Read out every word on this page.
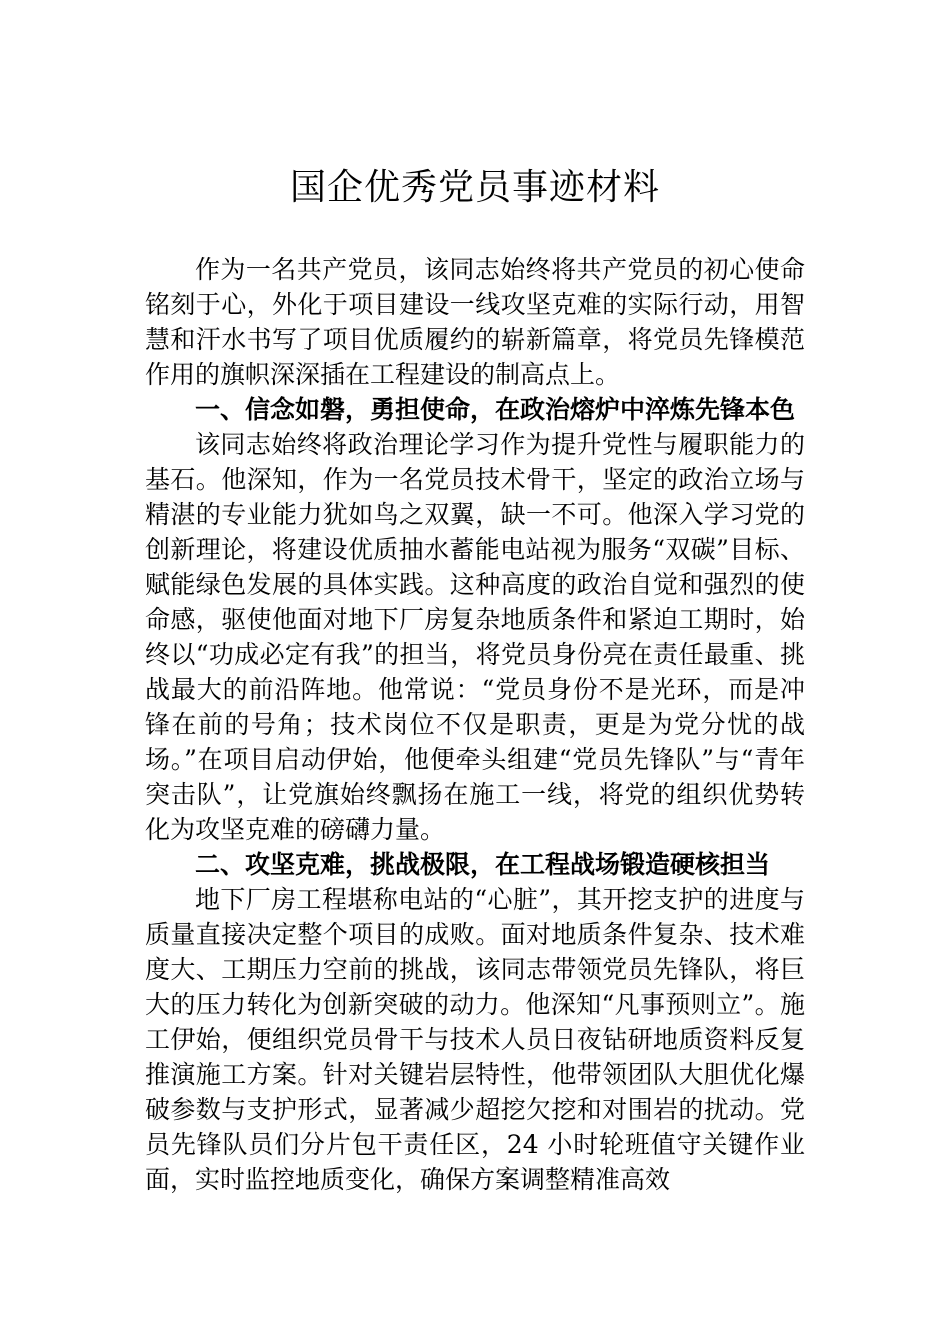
国企优秀党员事迹材料

作为一名共产党员，该同志始终将共产党员的初心使命铭刻于心，外化于项目建设一线攻坚克难的实际行动，用智慧和汗水书写了项目优质履约的崭新篇章，将党员先锋模范作用的旗帜深深插在工程建设的制高点上。

一、信念如磐，勇担使命，在政治熔炉中淬炼先锋本色

该同志始终将政治理论学习作为提升党性与履职能力的基石。他深知，作为一名党员技术骨干，坚定的政治立场与精湛的专业能力犹如鸟之双翼，缺一不可。他深入学习党的创新理论，将建设优质抽水蓄能电站视为服务“双碳”目标、赋能绿色发展的具体实践。这种高度的政治自觉和强烈的使命感，驱使他面对地下厂房复杂地质条件和紧迫工期时，始终以“功成必定有我”的担当，将党员身份亮在责任最重、挑战最大的前沿阵地。他常说：“党员身份不是光环，而是冲锋在前的号角；技术岗位不仅是职责，更是为党分忧的战场。”在项目启动伊始，他便牵头组建“党员先锋队”与“青年突击队”，让党旗始终飘扬在施工一线，将党的组织优势转化为攻坚克难的磅礴力量。

二、攻坚克难，挑战极限，在工程战场锻造硬核担当

地下厂房工程堪称电站的“心脏”，其开挖支护的进度与质量直接决定整个项目的成败。面对地质条件复杂、技术难度大、工期压力空前的挑战，该同志带领党员先锋队，将巨大的压力转化为创新突破的动力。他深知“凡事预则立”。施工伊始，便组织党员骨干与技术人员日夜钻研地质资料反复推演施工方案。针对关键岩层特性，他带领团队大胆优化爆破参数与支护形式，显著减少超挖欠挖和对围岩的扰动。党员先锋队员们分片包干责任区，24 小时轮班值守关键作业面，实时监控地质变化，确保方案调整精准高效
